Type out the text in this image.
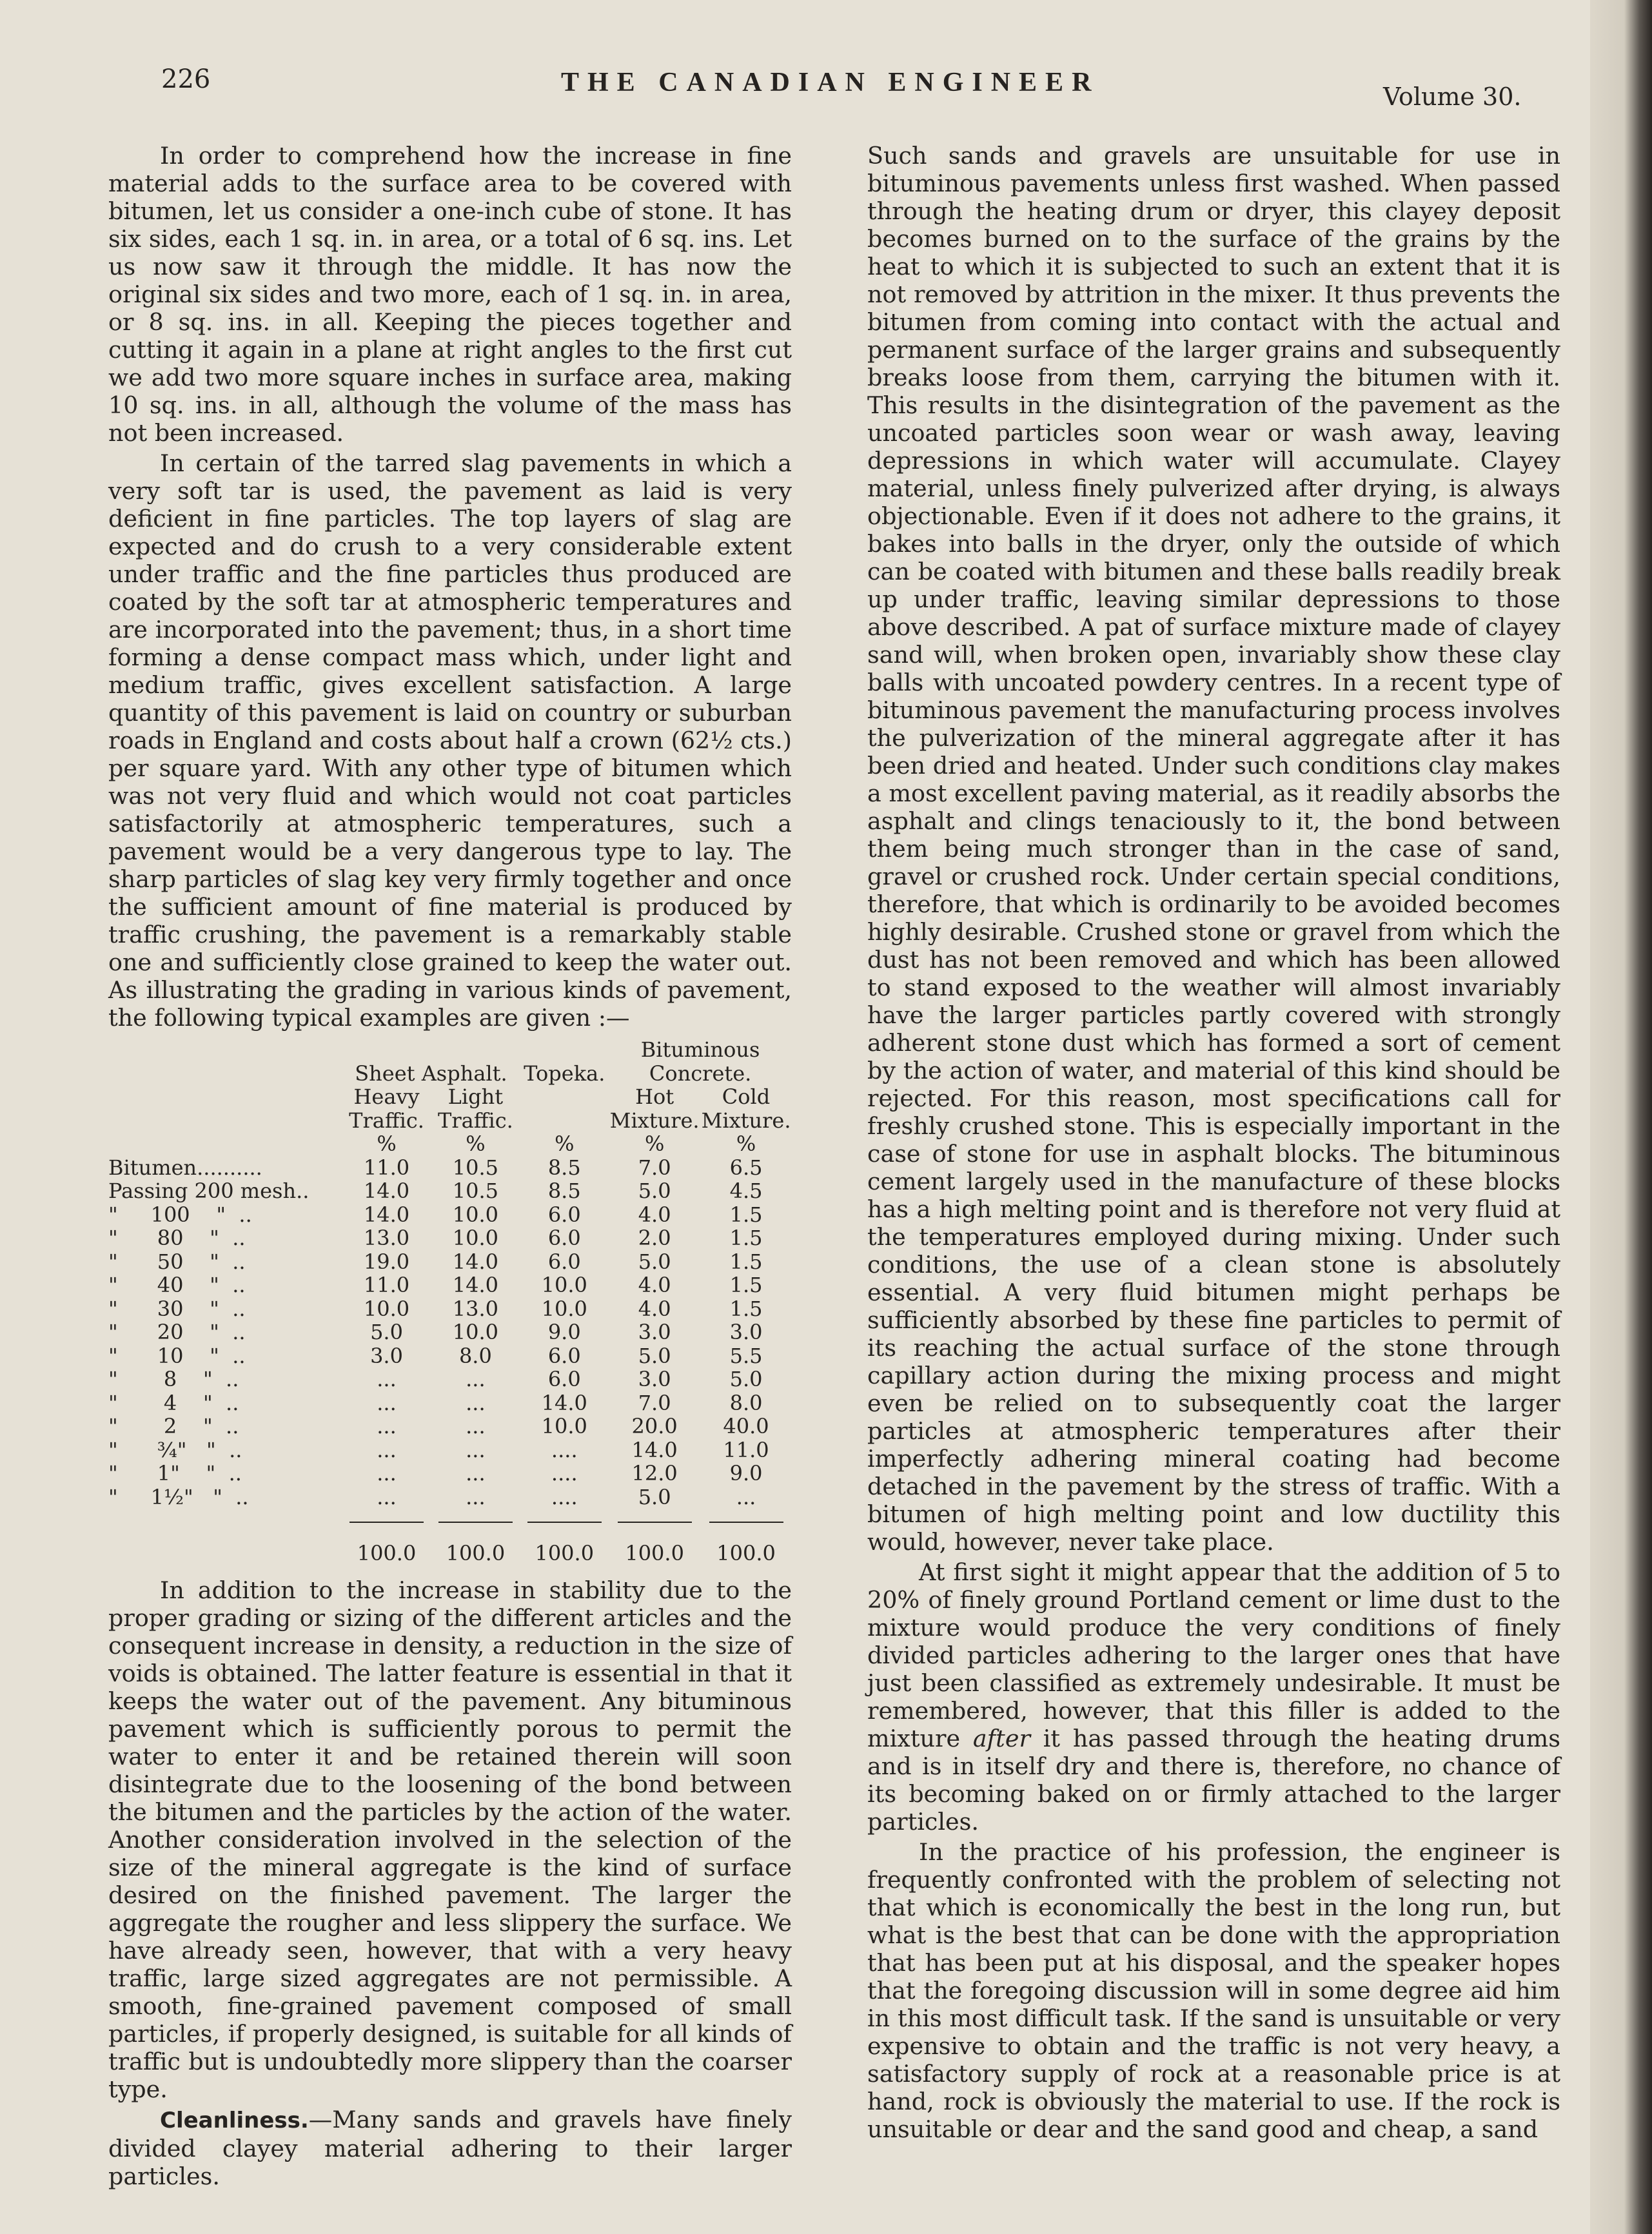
226	THE CANADIAN ENGINEER	Volume 30.

In order to comprehend how the increase in fine material adds to the surface area to be covered with bitumen, let us consider a one-inch cube of stone. It has six sides, each 1 sq. in. in area, or a total of 6 sq. ins. Let us now saw it through the middle. It has now the original six sides and two more, each of 1 sq. in. in area, or 8 sq. ins. in all. Keeping the pieces together and cutting it again in a plane at right angles to the first cut we add two more square inches in surface area, making 10 sq. ins. in all, although the volume of the mass has not been increased.

In certain of the tarred slag pavements in which a very soft tar is used, the pavement as laid is very deficient in fine particles. The top layers of slag are expected and do crush to a very considerable extent under traffic and the fine particles thus produced are coated by the soft tar at atmospheric temperatures and are incorporated into the pavement; thus, in a short time forming a dense compact mass which, under light and medium traffic, gives excellent satisfaction. A large quantity of this pavement is laid on country or suburban roads in England and costs about half a crown (62½ cts.) per square yard. With any other type of bitumen which was not very fluid and which would not coat particles satisfactorily at atmospheric temperatures, such a pavement would be a very dangerous type to lay. The sharp particles of slag key very firmly together and once the sufficient amount of fine material is produced by traffic crushing, the pavement is a remarkably stable one and sufficiently close grained to keep the water out. As illustrating the grading in various kinds of pavement, the following typical examples are given :—

				Bituminous	
	Sheet Asphalt.		Topeka.	Concrete.	
	Heavy	Light		Hot	Cold
	Traffic.	Traffic.		Mixture.	Mixture.
	%	%	%	%	%
Bitumen..........	11.0	10.5	8.5	7.0	6.5
Passing 200 mesh..	14.0	10.5	8.5	5.0	4.5
"     100    "  ..	14.0	10.0	6.0	4.0	1.5
"      80    "  ..	13.0	10.0	6.0	2.0	1.5
"      50    "  ..	19.0	14.0	6.0	5.0	1.5
"      40    "  ..	11.0	14.0	10.0	4.0	1.5
"      30    "  ..	10.0	13.0	10.0	4.0	1.5
"      20    "  ..	5.0	10.0	9.0	3.0	3.0
"      10    "  ..	3.0	8.0	6.0	5.0	5.5
"       8    "  ..	...	...	6.0	3.0	5.0
"       4    "  ..	...	...	14.0	7.0	8.0
"       2    "  ..	...	...	10.0	20.0	40.0
"      ¾"   "  ..	...	...	....	14.0	11.0
"      1"    "  ..	...	...	....	12.0	9.0
"     1½"   "  ..	...	...	....	5.0	...

	100.0	100.0	100.0	100.0	100.0

In addition to the increase in stability due to the proper grading or sizing of the different articles and the consequent increase in density, a reduction in the size of voids is obtained. The latter feature is essential in that it keeps the water out of the pavement. Any bituminous pavement which is sufficiently porous to permit the water to enter it and be retained therein will soon disintegrate due to the loosening of the bond between the bitumen and the particles by the action of the water. Another consideration involved in the selection of the size of the mineral aggregate is the kind of surface desired on the finished pavement. The larger the aggregate the rougher and less slippery the surface. We have already seen, however, that with a very heavy traffic, large sized aggregates are not permissible. A smooth, fine-grained pavement composed of small particles, if properly designed, is suitable for all kinds of traffic but is undoubtedly more slippery than the coarser type.

Cleanliness.—Many sands and gravels have finely divided clayey material adhering to their larger particles.

Such sands and gravels are unsuitable for use in bituminous pavements unless first washed. When passed through the heating drum or dryer, this clayey deposit becomes burned on to the surface of the grains by the heat to which it is subjected to such an extent that it is not removed by attrition in the mixer. It thus prevents the bitumen from coming into contact with the actual and permanent surface of the larger grains and subsequently breaks loose from them, carrying the bitumen with it. This results in the disintegration of the pavement as the uncoated particles soon wear or wash away, leaving depressions in which water will accumulate. Clayey material, unless finely pulverized after drying, is always objectionable. Even if it does not adhere to the grains, it bakes into balls in the dryer, only the outside of which can be coated with bitumen and these balls readily break up under traffic, leaving similar depressions to those above described. A pat of surface mixture made of clayey sand will, when broken open, invariably show these clay balls with uncoated powdery centres. In a recent type of bituminous pavement the manufacturing process involves the pulverization of the mineral aggregate after it has been dried and heated. Under such conditions clay makes a most excellent paving material, as it readily absorbs the asphalt and clings tenaciously to it, the bond between them being much stronger than in the case of sand, gravel or crushed rock. Under certain special conditions, therefore, that which is ordinarily to be avoided becomes highly desirable. Crushed stone or gravel from which the dust has not been removed and which has been allowed to stand exposed to the weather will almost invariably have the larger particles partly covered with strongly adherent stone dust which has formed a sort of cement by the action of water, and material of this kind should be rejected. For this reason, most specifications call for freshly crushed stone. This is especially important in the case of stone for use in asphalt blocks. The bituminous cement largely used in the manufacture of these blocks has a high melting point and is therefore not very fluid at the temperatures employed during mixing. Under such conditions, the use of a clean stone is absolutely essential. A very fluid bitumen might perhaps be sufficiently absorbed by these fine particles to permit of its reaching the actual surface of the stone through capillary action during the mixing process and might even be relied on to subsequently coat the larger particles at atmospheric temperatures after their imperfectly adhering mineral coating had become detached in the pavement by the stress of traffic. With a bitumen of high melting point and low ductility this would, however, never take place.

At first sight it might appear that the addition of 5 to 20% of finely ground Portland cement or lime dust to the mixture would produce the very conditions of finely divided particles adhering to the larger ones that have just been classified as extremely undesirable. It must be remembered, however, that this filler is added to the mixture after it has passed through the heating drums and is in itself dry and there is, therefore, no chance of its becoming baked on or firmly attached to the larger particles.

In the practice of his profession, the engineer is frequently confronted with the problem of selecting not that which is economically the best in the long run, but what is the best that can be done with the appropriation that has been put at his disposal, and the speaker hopes that the foregoing discussion will in some degree aid him in this most difficult task. If the sand is unsuitable or very expensive to obtain and the traffic is not very heavy, a satisfactory supply of rock at a reasonable price is at hand, rock is obviously the material to use. If the rock is unsuitable or dear and the sand good and cheap, a sand
